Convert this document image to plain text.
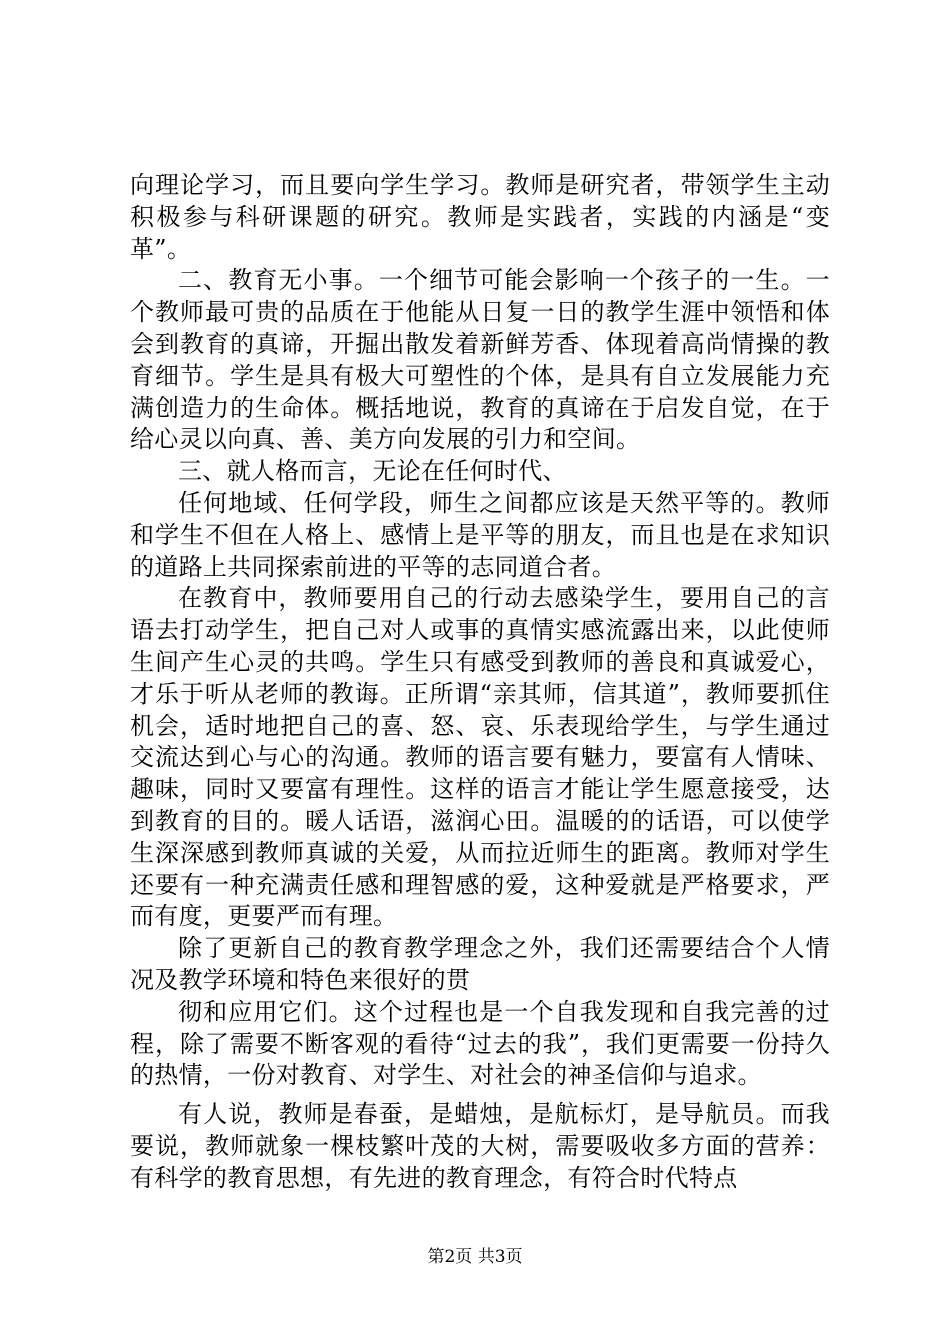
向理论学习，而且要向学生学习。教师是研究者，带领学生主动积极参与科研课题的研究。教师是实践者，实践的内涵是“变革”。

二、教育无小事。一个细节可能会影响一个孩子的一生。一个教师最可贵的品质在于他能从日复一日的教学生涯中领悟和体会到教育的真谛，开掘出散发着新鲜芳香、体现着高尚情操的教育细节。学生是具有极大可塑性的个体，是具有自立发展能力充满创造力的生命体。概括地说，教育的真谛在于启发自觉，在于给心灵以向真、善、美方向发展的引力和空间。

三、就人格而言，无论在任何时代、

任何地域、任何学段，师生之间都应该是天然平等的。教师和学生不但在人格上、感情上是平等的朋友，而且也是在求知识的道路上共同探索前进的平等的志同道合者。

在教育中，教师要用自己的行动去感染学生，要用自己的言语去打动学生，把自己对人或事的真情实感流露出来，以此使师生间产生心灵的共鸣。学生只有感受到教师的善良和真诚爱心，才乐于听从老师的教诲。正所谓“亲其师，信其道”，教师要抓住机会，适时地把自己的喜、怒、哀、乐表现给学生，与学生通过交流达到心与心的沟通。教师的语言要有魅力，要富有人情味、趣味，同时又要富有理性。这样的语言才能让学生愿意接受，达到教育的目的。暖人话语，滋润心田。温暖的的话语，可以使学生深深感到教师真诚的关爱，从而拉近师生的距离。教师对学生还要有一种充满责任感和理智感的爱，这种爱就是严格要求，严而有度，更要严而有理。

除了更新自己的教育教学理念之外，我们还需要结合个人情况及教学环境和特色来很好的贯

彻和应用它们。这个过程也是一个自我发现和自我完善的过程，除了需要不断客观的看待“过去的我”，我们更需要一份持久的热情，一份对教育、对学生、对社会的神圣信仰与追求。

有人说，教师是春蚕，是蜡烛，是航标灯，是导航员。而我要说，教师就象一棵枝繁叶茂的大树，需要吸收多方面的营养：有科学的教育思想，有先进的教育理念，有符合时代特点

第2页 共3页
